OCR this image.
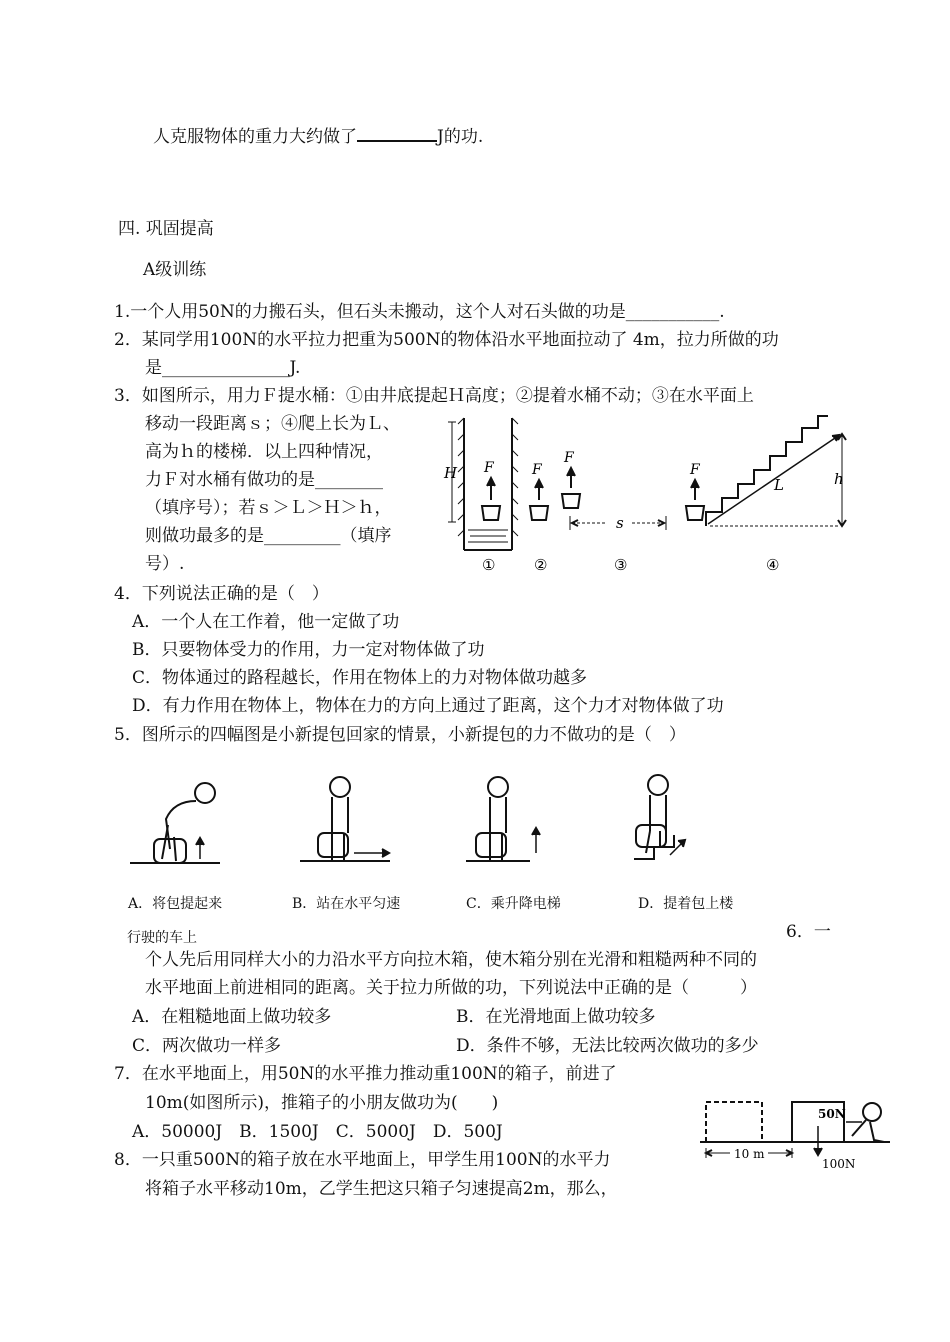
人克服物体的重力大约做了	J的功.
四. 巩固提高
A级训练
1.一个人用50N的力搬石头，但石头未搬动，这个人对石头做的功是___________.
2．某同学用100N的水平拉力把重为500N的物体沿水平地面拉动了 4m，拉力所做的功
是_______________J.
3．如图所示，用力Ｆ提水桶：①由井底提起Ｈ高度；②提着水桶不动；③在水平面上
移动一段距离ｓ；④爬上长为Ｌ、
高为ｈ的楼梯．以上四种情况，
力Ｆ对水桶有做功的是________
（填序号）；若ｓ＞Ｌ＞Ｈ＞ｈ，
则做功最多的是_________（填序
号）.
H F	F
F
s
F
L	h
①	②	③	④
4．下列说法正确的是（　）
A．一个人在工作着，他一定做了功
B．只要物体受力的作用，力一定对物体做了功
C．物体通过的路程越长，作用在物体上的力对物体做功越多
D．有力作用在物体上，物体在力的方向上通过了距离，这个力才对物体做了功
5．图所示的四幅图是小新提包回家的情景，小新提包的力不做功的是（　）
A．将包提起来	B．站在水平匀速	C．乘升降电梯	D．提着包上楼
行驶的车上	6．一
个人先后用同样大小的力沿水平方向拉木箱，使木箱分别在光滑和粗糙两种不同的
水平地面上前进相同的距离。关于拉力所做的功，下列说法中正确的是（　　　）
A．在粗糙地面上做功较多	B．在光滑地面上做功较多
C．两次做功一样多	D．条件不够，无法比较两次做功的多少
7．在水平地面上，用50N的水平推力推动重100N的箱子，前进了
10m(如图所示)，推箱子的小朋友做功为(　　)
A．50000J　B．1500J　C．5000J　D．500J
50N
10 m
100N
8．一只重500N的箱子放在水平地面上，甲学生用100N的水平力
将箱子水平移动10m，乙学生把这只箱子匀速提高2m，那么，
